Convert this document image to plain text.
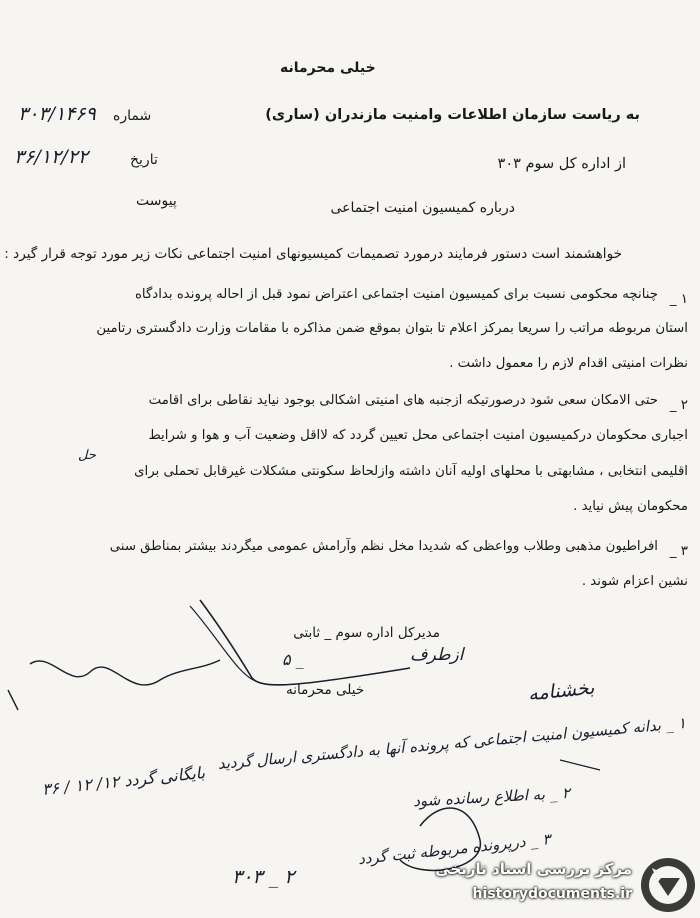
خیلی محرمانه
به ریاست سازمان اطلاعات وامنیت مازندران (ساری)
شماره
۳۰۳/۱۴۶۹
از اداره کل سوم ۳۰۳
تاریخ
۳۶/۱۲/۲۲
پیوست	درباره کمیسیون امنیت اجتماعی
خواهشمند است دستور فرمایند درمورد تصمیمات کمیسیونهای امنیت اجتماعی نکات زیر مورد توجه قرار گیرد :
۱ _
چنانچه محکومی نسبت برای کمیسیون امنیت اجتماعی اعتراض نمود قبل از احاله پرونده بدادگاه
استان مربوطه مراتب را سریعا بمرکز اعلام تا بتوان بموقع ضمن مذاکره با مقامات وزارت دادگستری رتامین
نظرات امنیتی اقدام لازم را معمول داشت .
۲ _
حتی الامکان سعی شود درصورتیکه ازجنبه های امنیتی اشکالی بوجود نیاید نقاطی برای اقامت
اجباری محکومان درکمیسیون امنیت اجتماعی محل تعیین گردد که لااقل وضعیت آب و هوا و شرایط
حل
اقلیمی انتخابی ، مشابهتی با محلهای اولیه آنان داشته وازلحاظ سکونتی مشکلات غیرقابل تحملی برای
محکومان پیش نیاید .
۳ _
افراطیون مذهبی وطلاب وواعظی که شدیدا مخل نظم وآرامش عمومی میگردند بیشتر بمناطق سنی
نشین اعزام شوند .
مدیرکل اداره سوم _ ثابتی
ازطرف
۵ _
خیلی محرمانه	بخشنامه
۱ _ بدانه کمیسیون امنیت اجتماعی که پرونده آنها به دادگستری ارسال گردید
۲ _ به اطلاع رسانده شود
۳ _ درپرونده مربوطه ثبت گردد
بایگانی گردد ۱۲/ ۱۲ / ۳۶
۳۰۳ _ ۲	مرکز بررسی اسناد تاریخی
historydocuments.ir
